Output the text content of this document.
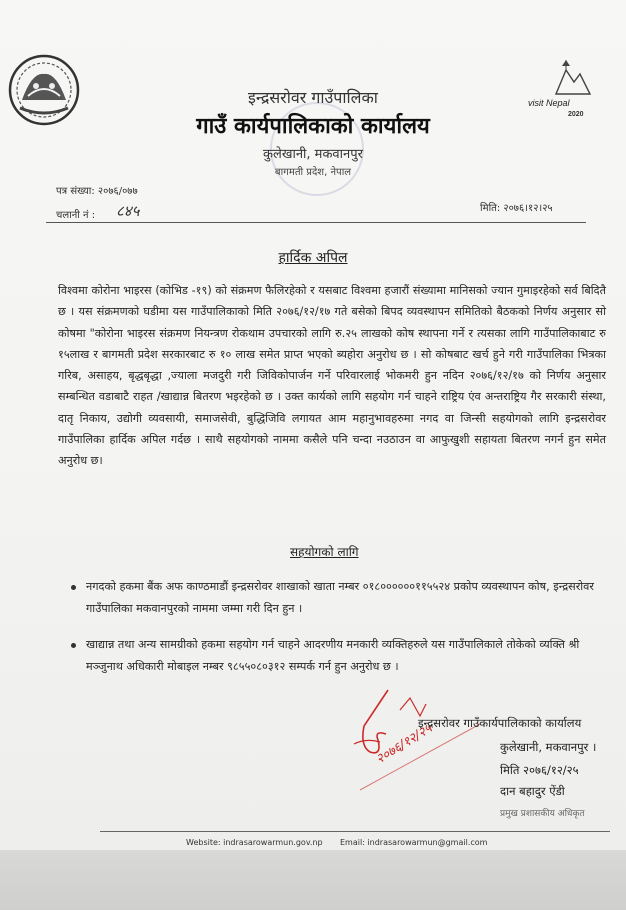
visit Nepal
2020
इन्द्रसरोवर गाउँपालिका
गाउँ कार्यपालिकाको कार्यालय
कुलेखानी, मकवानपुर
बागमती प्रदेश, नेपाल
पत्र संख्या: २०७६/०७७
चलानी नं : ८४५	मिति: २०७६।१२।२५
हार्दिक अपिल
विश्वमा कोरोना भाइरस (कोभिड -१९) को संक्रमण फैलिरहेको र यसबाट विश्वमा हजारौं संख्यामा मानिसको ज्यान गुमाइरहेको सर्व बिदितै छ । यस संक्रमणको घडीमा यस गाउँपालिकाको मिति २०७६/१२/१७ गते बसेको बिपद व्यवस्थापन समितिको बैठकको निर्णय अनुसार सो कोषमा "कोरोना भाइरस संक्रमण नियन्त्रण रोकथाम उपचारको लागि रु.२५ लाखको कोष स्थापना गर्ने र त्यसका लागि गाउँपालिकाबाट रु १५लाख र बागमती प्रदेश सरकारबाट रु १० लाख समेत प्राप्त भएको ब्यहोरा अनुरोध छ । सो कोषबाट खर्च हुने गरी गाउँपालिका भित्रका गरिब, असाहय, बृद्धबृद्धा ,ज्याला मजदुरी गरी जिविकोपार्जन गर्ने परिवारलाई भोकमरी हुन नदिन २०७६/१२/१७ को निर्णय अनुसार सम्बन्धित वडाबाटै राहत /खाद्यान्न बितरण भइरहेको छ । उक्त कार्यको लागि सहयोग गर्न चाहने राष्ट्रिय एंव अन्तराष्ट्रिय गैर सरकारी संस्था, दातृ निकाय, उद्योगी व्यवसायी, समाजसेवी, बुद्धिजिवि लगायत आम महानुभावहरुमा नगद वा जिन्सी सहयोगको लागि इन्द्रसरोवर गाउँपालिका हार्दिक अपिल गर्दछ । साथै सहयोगको नाममा कसैले पनि चन्दा नउठाउन वा आफुखुशी सहायता बितरण नगर्न हुन समेत अनुरोध छ।
सहयोगको लागि
नगदको हकमा बैंक अफ काण्ठमाडौं इन्द्रसरोवर शाखाको खाता नम्बर ०१८००००००११५५२४ प्रकोप व्यवस्थापन कोष, इन्द्रसरोवर गाउँपालिका मकवानपुरको नाममा जम्मा गरी दिन हुन ।
खाद्यान्न तथा अन्य सामग्रीको हकमा सहयोग गर्न चाहने आदरणीय मनकारी व्यक्तिहरुले यस गाउँपालिकाले तोकेको व्यक्ति श्री मञ्जुनाथ अधिकारी मोबाइल नम्बर ९८५५०८०३१२ सम्पर्क गर्न हुन अनुरोध छ ।
२०७६/१२/२५
इन्द्रसरोवर गाउँकार्यपालिकाको कार्यालय
कुलेखानी, मकवानपुर ।
मिति २०७६/१२/२५
दान बहादुर ऐंडी
प्रमुख प्रशासकीय अधिकृत
Website: indrasarowarmun.gov.np Email: indrasarowarmun@gmail.com
